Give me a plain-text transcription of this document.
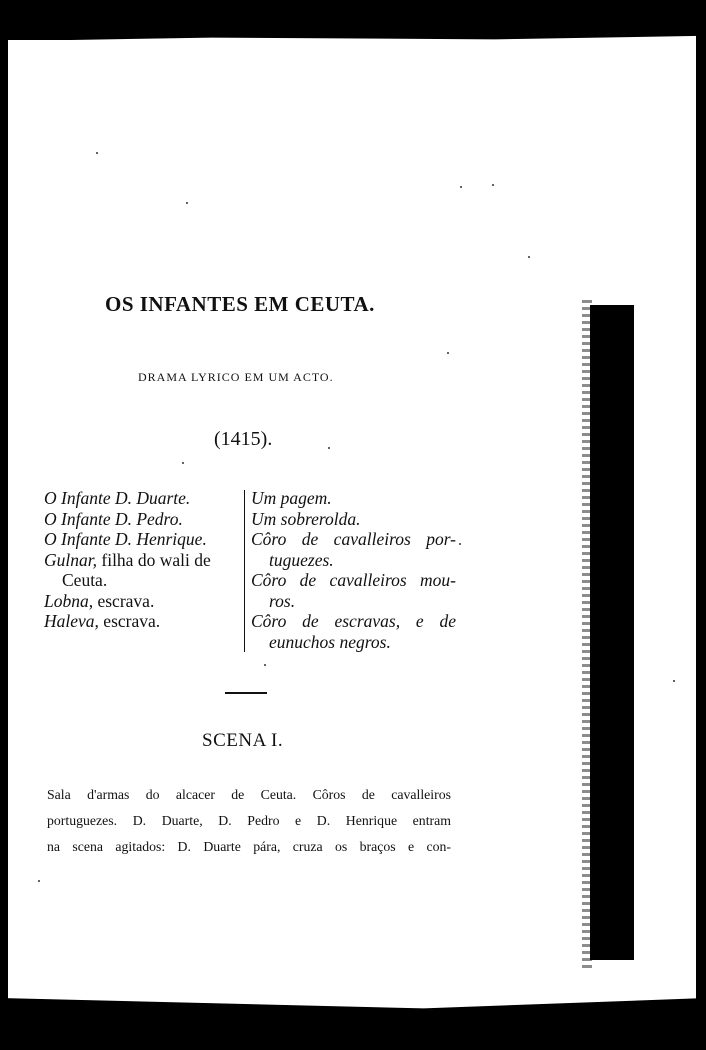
OS INFANTES EM CEUTA.
DRAMA LYRICO EM UM ACTO.
(1415).
O Infante D. Duarte.
O Infante D. Pedro.
O Infante D. Henrique.
Gulnar, filha do wali de
Ceuta.
Lobna, escrava.
Haleva, escrava.
Um pagem.
Um sobrerolda.
Côro de cavalleiros por-
tuguezes.
Côro de cavalleiros mou-
ros.
Côro de escravas, e de
eunuchos negros.
SCENA I.
Sala d'armas do alcacer de Ceuta. Côros de cavalleiros
portuguezes. D. Duarte, D. Pedro e D. Henrique entram
na scena agitados: D. Duarte pára, cruza os braços e con-
